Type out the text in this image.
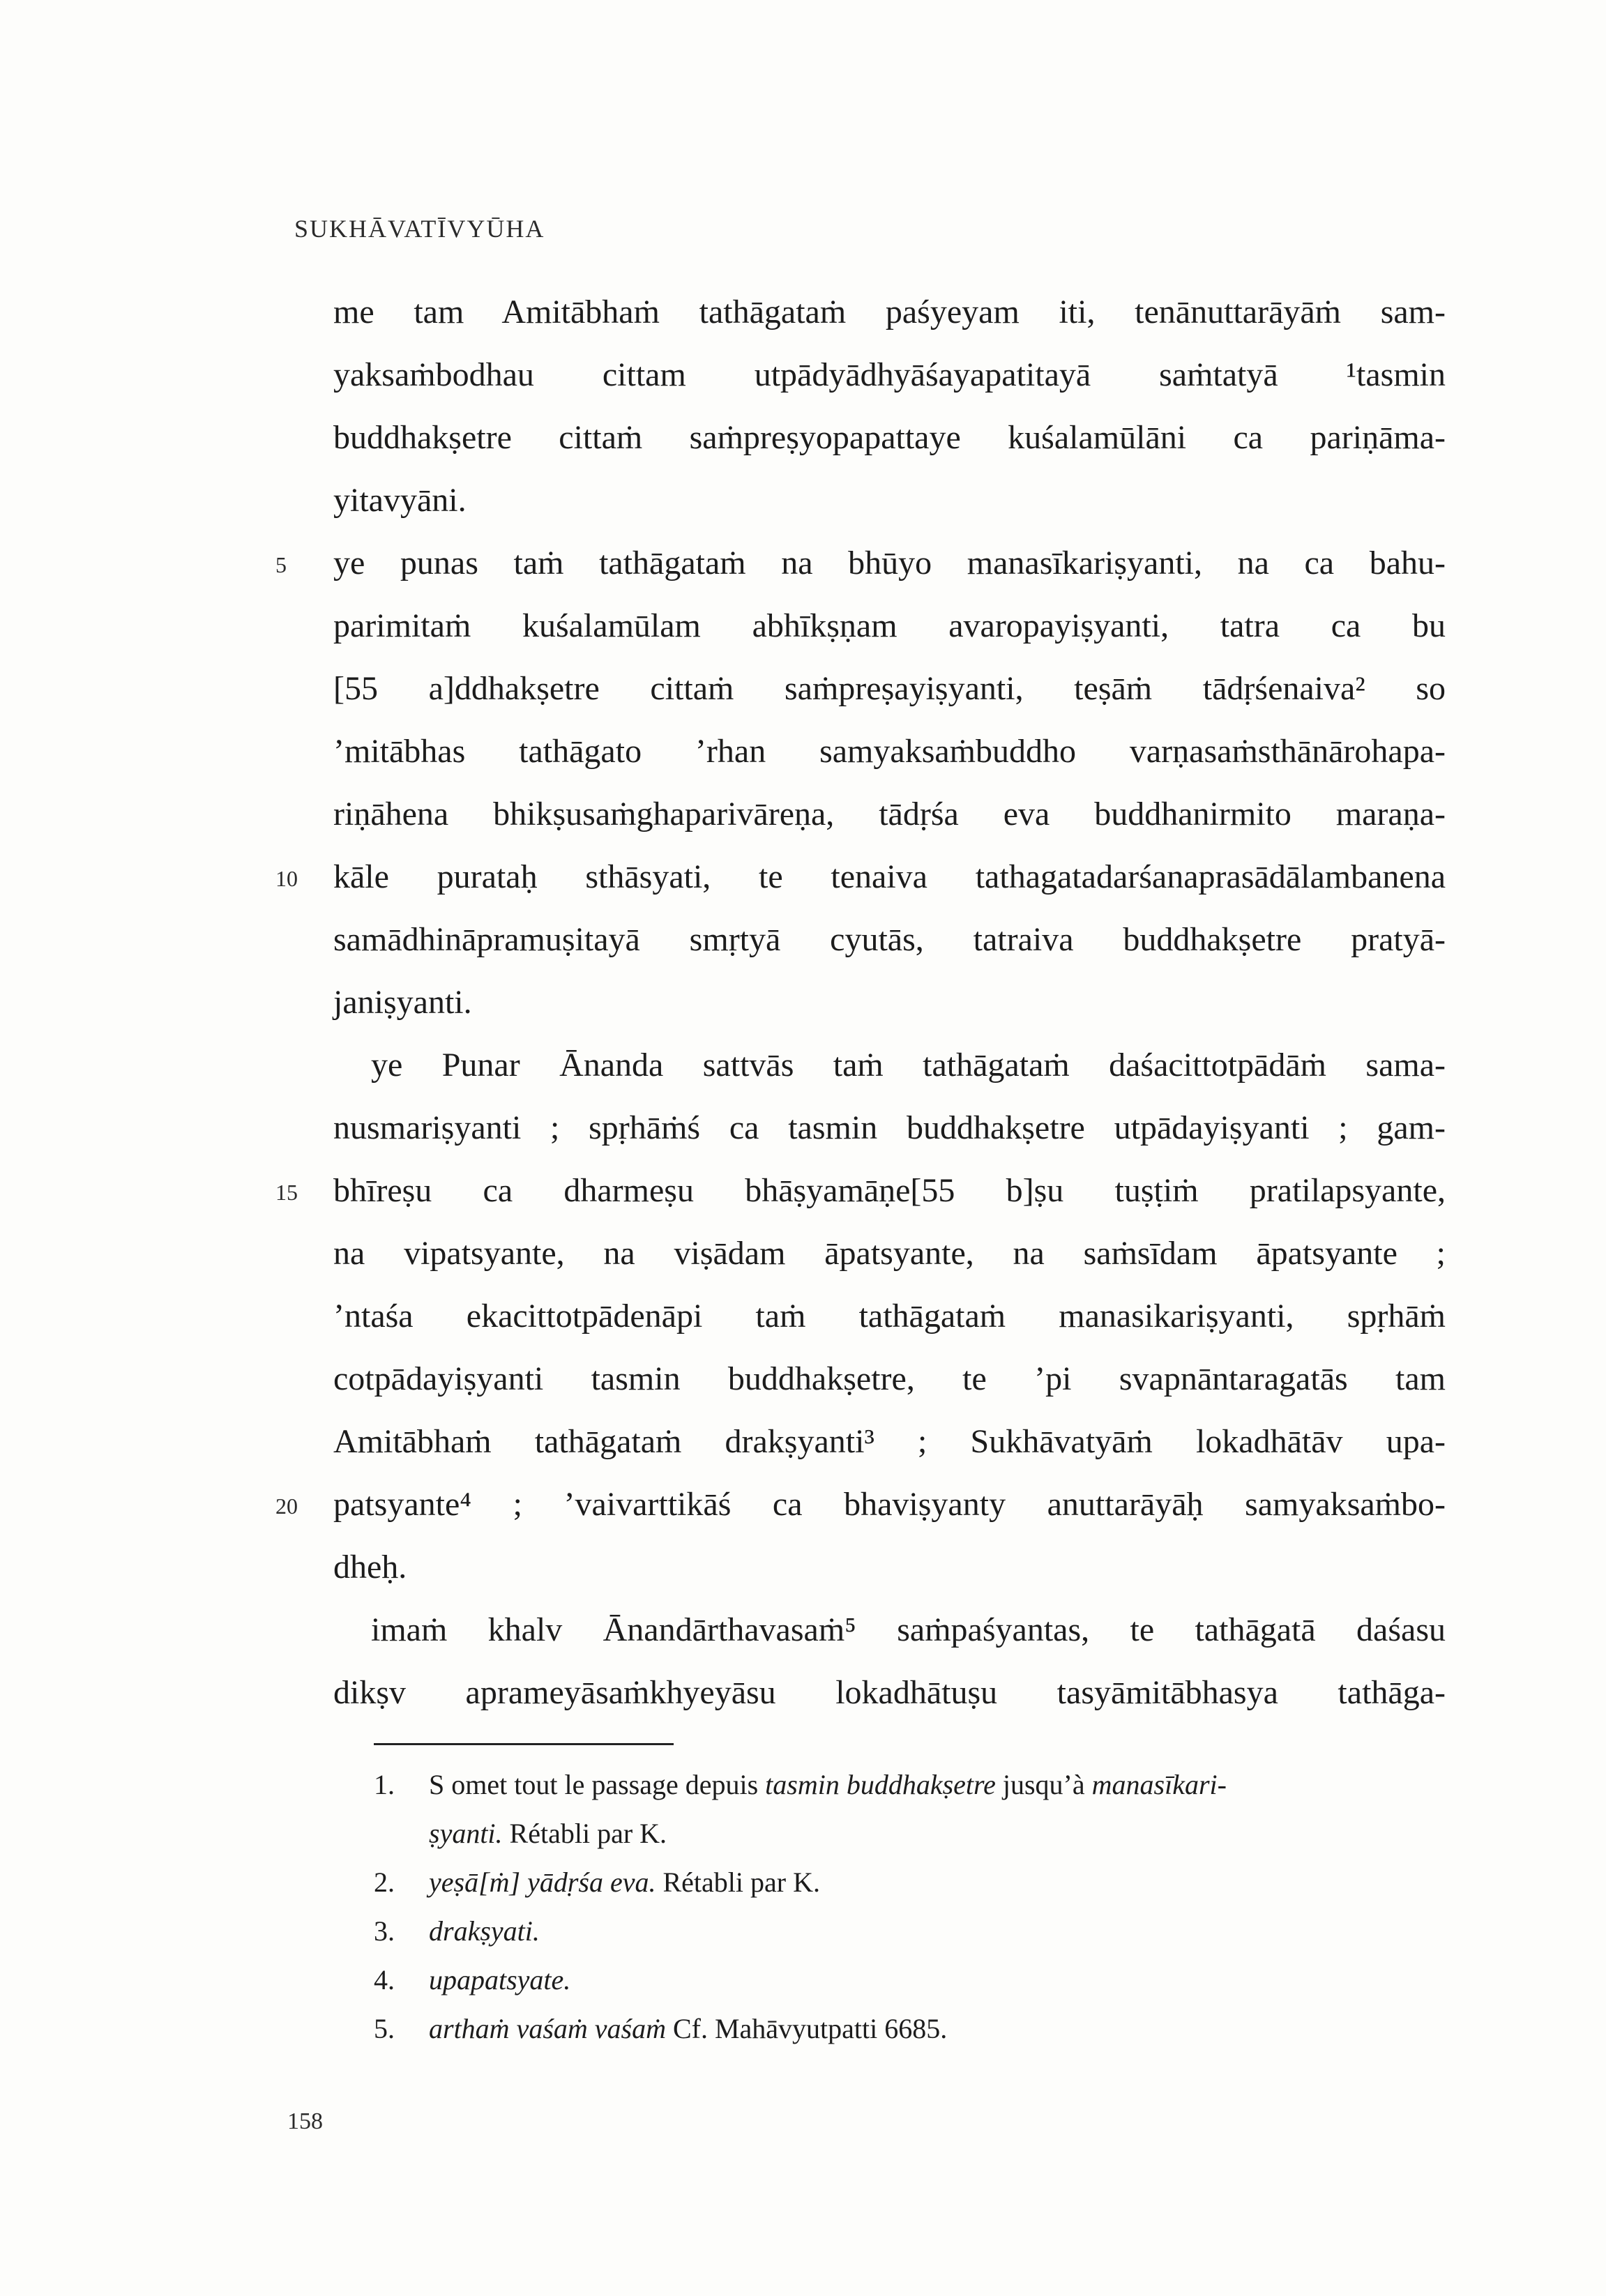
SUKHĀVATĪVYŪHA
me tam Amitābhaṁ tathāgataṁ paśyeyam iti, tenānuttarāyāṁ sam-
yaksaṁbodhau cittam utpādyādhyāśayapatitayā saṁtatyā ¹tasmin
buddhakṣetre cittaṁ saṁpreṣyopapattaye kuśalamūlāni ca pariṇāma-
yitavyāni.
5 ye punas taṁ tathāgataṁ na bhūyo manasīkariṣyanti, na ca bahu-
parimitaṁ kuśalamūlam abhīkṣṇam avaropayiṣyanti, tatra ca bu
[55 a]ddhakṣetre cittaṁ saṁpreṣayiṣyanti, teṣāṁ tādṛśenaiva² so
’mitābhas tathāgato ’rhan samyaksaṁbuddho varṇasaṁsthānārohapa-
riṇāhena bhikṣusaṁghaparivāreṇa, tādṛśa eva buddhanirmito maraṇa-
10 kāle purataḥ sthāsyati, te tenaiva tathagatadarśanaprasādālambanena
samādhināpramuṣitayā smṛtyā cyutās, tatraiva buddhakṣetre pratyā-
janiṣyanti.
ye Punar Ānanda sattvās taṁ tathāgataṁ daśacittotpādāṁ sama-
nusmariṣyanti ; spṛhāṁś ca tasmin buddhakṣetre utpādayiṣyanti ; gam-
15 bhīreṣu ca dharmeṣu bhāṣyamāṇe[55 b]ṣu tuṣṭiṁ pratilapsyante,
na vipatsyante, na viṣādam āpatsyante, na saṁsīdam āpatsyante ;
’ntaśa ekacittotpādenāpi taṁ tathāgataṁ manasikariṣyanti, spṛhāṁ
cotpādayiṣyanti tasmin buddhakṣetre, te ’pi svapnāntaragatās tam
Amitābhaṁ tathāgataṁ drakṣyanti³ ; Sukhāvatyāṁ lokadhātāv upa-
20 patsyante⁴ ; ’vaivarttikāś ca bhaviṣyanty anuttarāyāḥ samyaksaṁbo-
dheḥ.
imaṁ khalv Ānandārthavasaṁ⁵ saṁpaśyantas, te tathāgatā daśasu
dikṣv aprameyāsaṁkhyeyāsu lokadhātuṣu tasyāmitābhasya tathāga-
1. S omet tout le passage depuis tasmin buddhakṣetre jusqu’à manasīkari-
ṣyanti. Rétabli par K.
2. yeṣā[ṁ] yādṛśa eva. Rétabli par K.
3. drakṣyati.
4. upapatsyate.
5. arthaṁ vaśaṁ vaśaṁ Cf. Mahāvyutpatti 6685.
158
